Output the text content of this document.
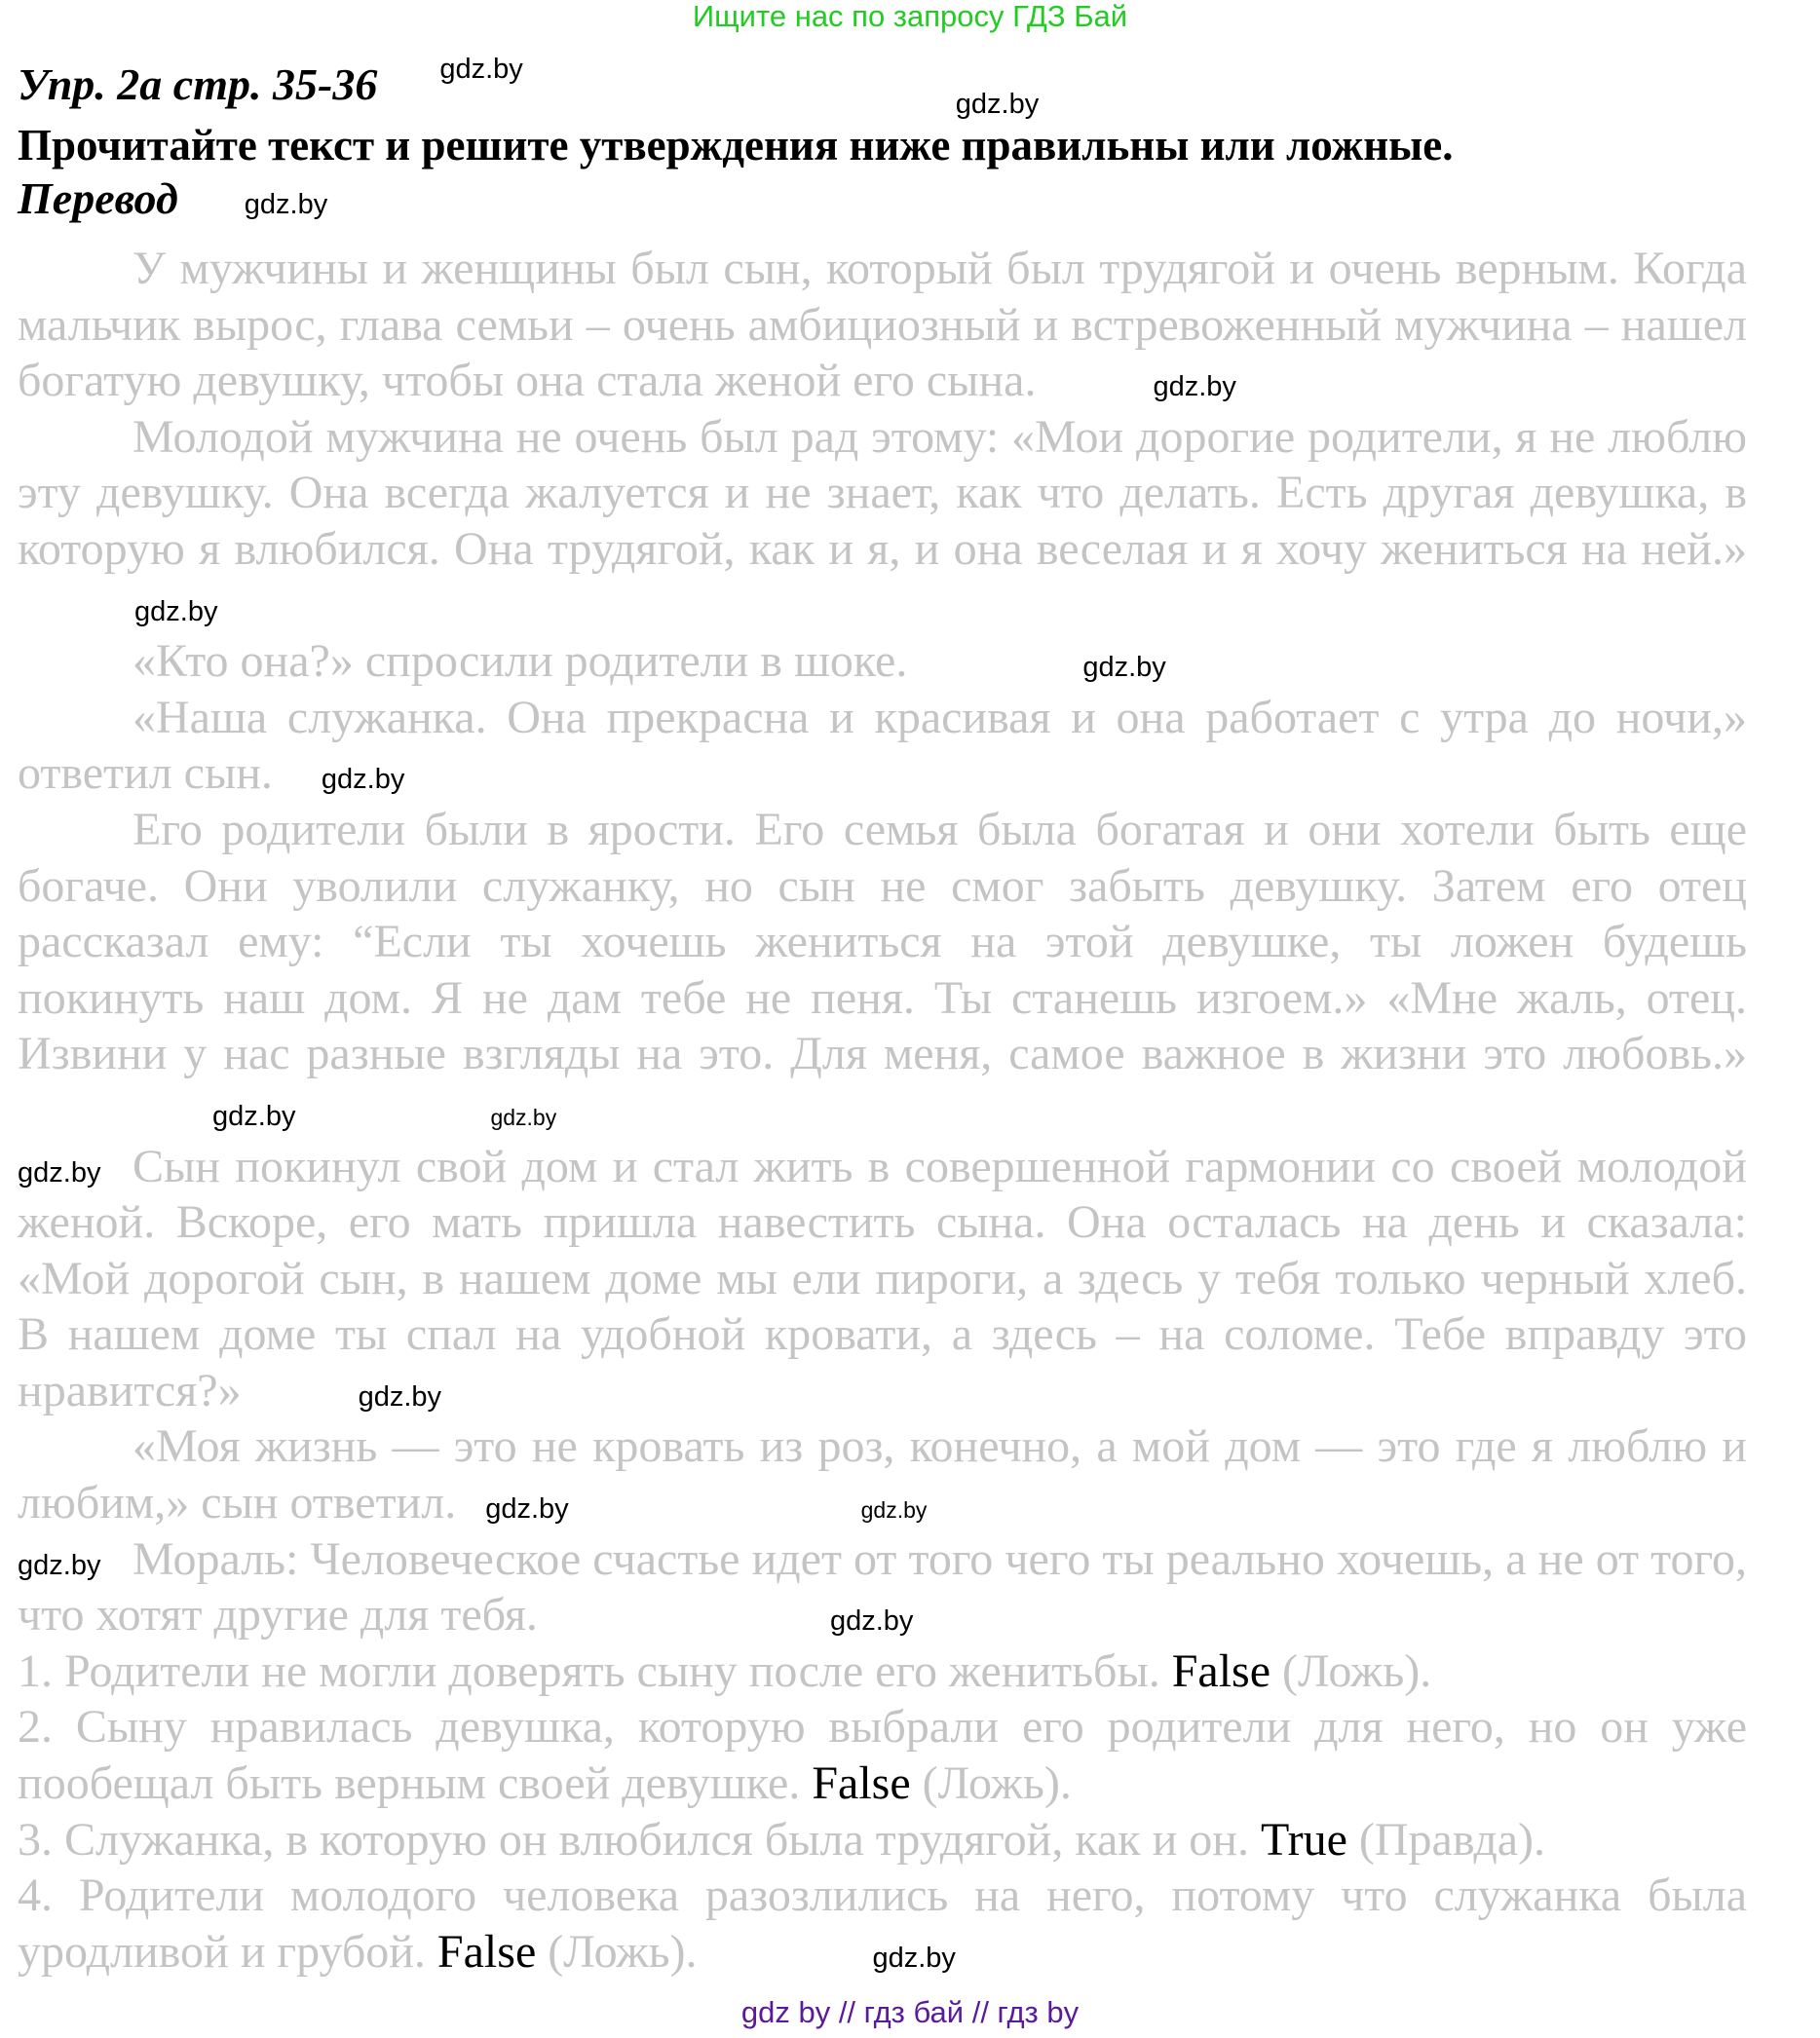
Ищите нас по запросу ГДЗ Бай
Упр. 2а стр. 35-36 gdz.by gdz.by
Прочитайте текст и решите утверждения ниже правильны или ложные.
Перевод gdz.by

У мужчины и женщины был сын, который был трудягой и очень верным. Когда мальчик вырос, глава семьи – очень амбициозный и встревоженный мужчина – нашел богатую девушку, чтобы она стала женой его сына.	gdz.by

Молодой мужчина не очень был рад этому: «Мои дорогие родители, я не люблю эту девушку. Она всегда жалуется и не знает, как что делать. Есть другая девушка, в которую я влюбился. Она трудягой, как и я, и она веселая и я хочу жениться на ней.»gdz.by

«Кто она?» спросили родители в шоке.	gdz.by

«Наша служанка. Она прекрасна и красивая и она работает с утра до ночи,» ответил сын. gdz.by

Его родители были в ярости. Его семья была богатая и они хотели быть еще богаче. Они уволили служанку, но сын не смог забыть девушку. Затем его отец рассказал ему: “Если ты хочешь жениться на этой девушке, ты ложен будешь покинуть наш дом. Я не дам тебе не пеня. Ты станешь изгоем.» «Мне жаль, отец. Извини у нас разные взгляды на это. Для меня, самое важное в жизни это любовь.»gdz.by	gdz.by

gdz.by Сын покинул свой дом и стал жить в совершенной гармонии со своей молодой женой. Вскоре, его мать пришла навестить сына. Она осталась на день и сказала: «Мой дорогой сын, в нашем доме мы ели пироги, а здесь у тебя только черный хлеб. В нашем доме ты спал на удобной кровати, а здесь – на соломе. Тебе вправду это нравится?»	gdz.by

«Моя жизнь — это не кровать из роз, конечно, а мой дом — это где я люблю и любим,» сын ответил. gdz.by	gdz.by

gdz.by Мораль: Человеческое счастье идет от того чего ты реально хочешь, а не от того, что хотят другие для тебя.	gdz.by

1. Родители не могли доверять сыну после его женитьбы. False (Ложь).

2. Сыну нравилась девушка, которую выбрали его родители для него, но он уже пообещал быть верным своей девушке. False (Ложь).

3. Служанка, в которую он влюбился была трудягой, как и он. True (Правда).

4. Родители молодого человека разозлились на него, потому что служанка была уродливой и грубой. False (Ложь).	gdz.by

gdz by // гдз бай // гдз by
